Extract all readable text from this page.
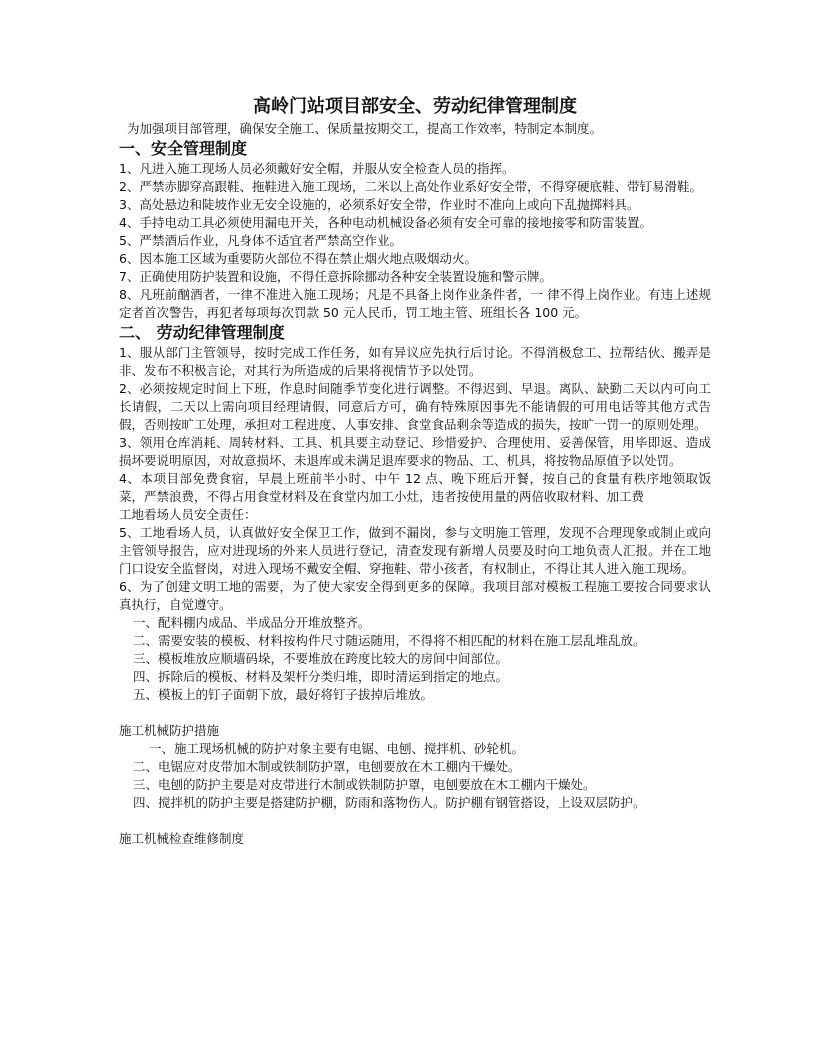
高岭门站项目部安全、劳动纪律管理制度

为加强项目部管理，确保安全施工、保质量按期交工，提高工作效率，特制定本制度。

一、安全管理制度

1、凡进入施工现场人员必须戴好安全帽，并服从安全检查人员的指挥。

2、严禁赤脚穿高跟鞋、拖鞋进入施工现场，二米以上高处作业系好安全带，不得穿硬底鞋、带钉易滑鞋。

3、高处悬边和陡坡作业无安全设施的，必须系好安全带，作业时不准向上或向下乱抛掷料具。

4、手持电动工具必须使用漏电开关，各种电动机械设备必须有安全可靠的接地接零和防雷装置。

5、严禁酒后作业，凡身体不适宜者严禁高空作业。

6、因本施工区域为重要防火部位不得在禁止烟火地点吸烟动火。

7、正确使用防护装置和设施，不得任意拆除挪动各种安全装置设施和警示牌。

8、凡班前酗酒者，一律不准进入施工现场；凡是不具备上岗作业条件者，一 律不得上岗作业。有违上述规定者首次警告，再犯者每项每次罚款 50 元人民币，罚工地主管、班组长各 100 元。

二、 劳动纪律管理制度

1、服从部门主管领导，按时完成工作任务，如有异议应先执行后讨论。不得消极怠工、拉帮结伙、搬弄是非、发布不积极言论，对其行为所造成的后果将视情节予以处罚。

2、必须按规定时间上下班，作息时间随季节变化进行调整。不得迟到、早退。离队、缺勤二天以内可向工长请假，二天以上需向项目经理请假，同意后方可，确有特殊原因事先不能请假的可用电话等其他方式告假，否则按旷工处理，承担对工程进度、人事安排、食堂食品剩余等造成的损失，按旷一罚一的原则处理。

3、领用仓库消耗、周转材料、工具、机具要主动登记、珍惜爱护、合理使用、妥善保管，用毕即返、造成损坏要说明原因，对故意损坏、未退库或未满足退库要求的物品、工、机具，将按物品原值予以处罚。

4、本项目部免费食宿，早晨上班前半小时、中午 12 点、晚下班后开餐，按自己的食量有秩序地领取饭菜，严禁浪费，不得占用食堂材料及在食堂内加工小灶，违者按使用量的两倍收取材料、加工费

工地看场人员安全责任：

5、工地看场人员，认真做好安全保卫工作，做到不漏岗，参与文明施工管理，发现不合理现象或制止或向主管领导报告，应对进现场的外来人员进行登记，清查发现有新增人员要及时向工地负责人汇报。并在工地门口设安全监督岗，对进入现场不戴安全帽、穿拖鞋、带小孩者，有权制止，不得让其人进入施工现场。

6、为了创建文明工地的需要，为了使大家安全得到更多的保障。我项目部对模板工程施工要按合同要求认真执行，自觉遵守。

一、配料棚内成品、半成品分开堆放整齐。

二、需要安装的模板、材料按构件尺寸随运随用，不得将不相匹配的材料在施工层乱堆乱放。

三、模板堆放应顺墙码垛，不要堆放在跨度比较大的房间中间部位。

四、拆除后的模板、材料及架杆分类归堆，即时清运到指定的地点。

五、模板上的钉子面朝下放，最好将钉子拔掉后堆放。

施工机械防护措施

一、施工现场机械的防护对象主要有电锯、电刨、搅拌机、砂轮机。

二、电锯应对皮带加木制或铁制防护罩，电刨要放在木工棚内干燥处。

三、电刨的防护主要是对皮带进行木制或铁制防护罩，电刨要放在木工棚内干燥处。

四、搅拌机的防护主要是搭建防护棚，防雨和落物伤人。防护棚有钢管搭设，上设双层防护。

施工机械检查维修制度
